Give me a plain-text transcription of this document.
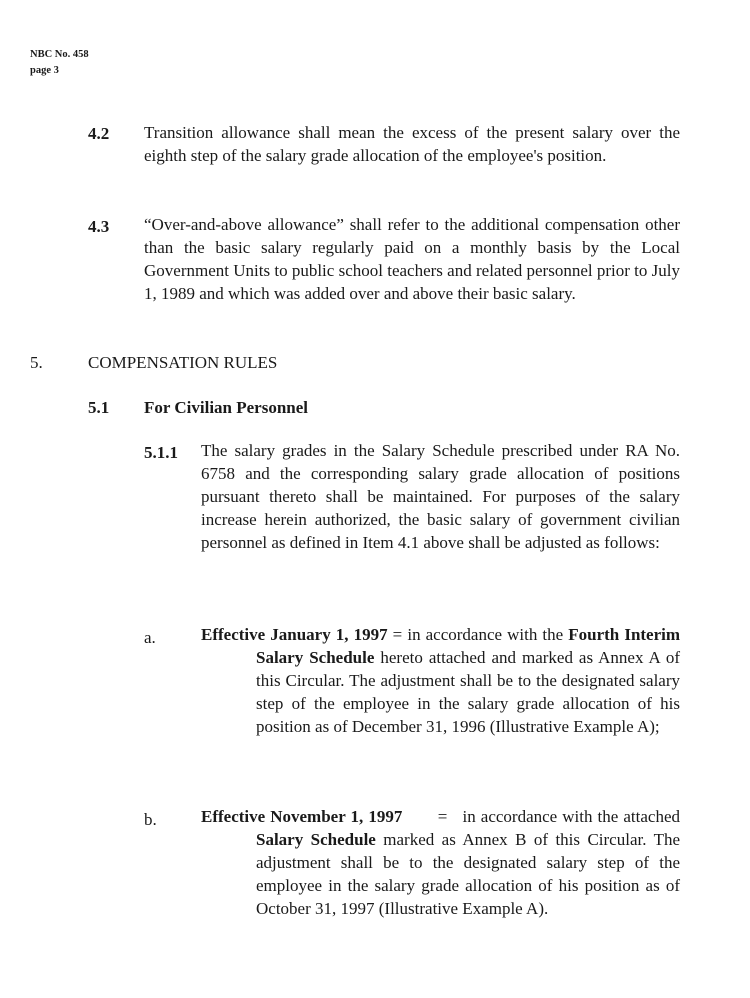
NBC No. 458
page 3
4.2 Transition allowance shall mean the excess of the present salary over the eighth step of the salary grade allocation of the employee's position.

4.3 “Over-and-above allowance” shall refer to the additional compensation other than the basic salary regularly paid on a monthly basis by the Local Government Units to public school teachers and related personnel prior to July 1, 1989 and which was added over and above their basic salary.

5.	COMPENSATION RULES
5.1 For Civilian Personnel
5.1.1 The salary grades in the Salary Schedule prescribed under RA No. 6758 and the corresponding salary grade allocation of positions pursuant thereto shall be maintained. For purposes of the salary increase herein authorized, the basic salary of government civilian personnel as defined in Item 4.1 above shall be adjusted as follows:

a.	Effective January 1, 1997 = in accordance with the Fourth Interim Salary Schedule hereto attached and marked as Annex A of this Circular. The adjustment shall be to the designated salary step of the employee in the salary grade allocation of his position as of December 31, 1996 (Illustrative Example A);

b.	Effective November 1, 1997 = in accordance with the attached Salary Schedule marked as Annex B of this Circular. The adjustment shall be to the designated salary step of the employee in the salary grade allocation of his position as of October 31, 1997 (Illustrative Example A).
